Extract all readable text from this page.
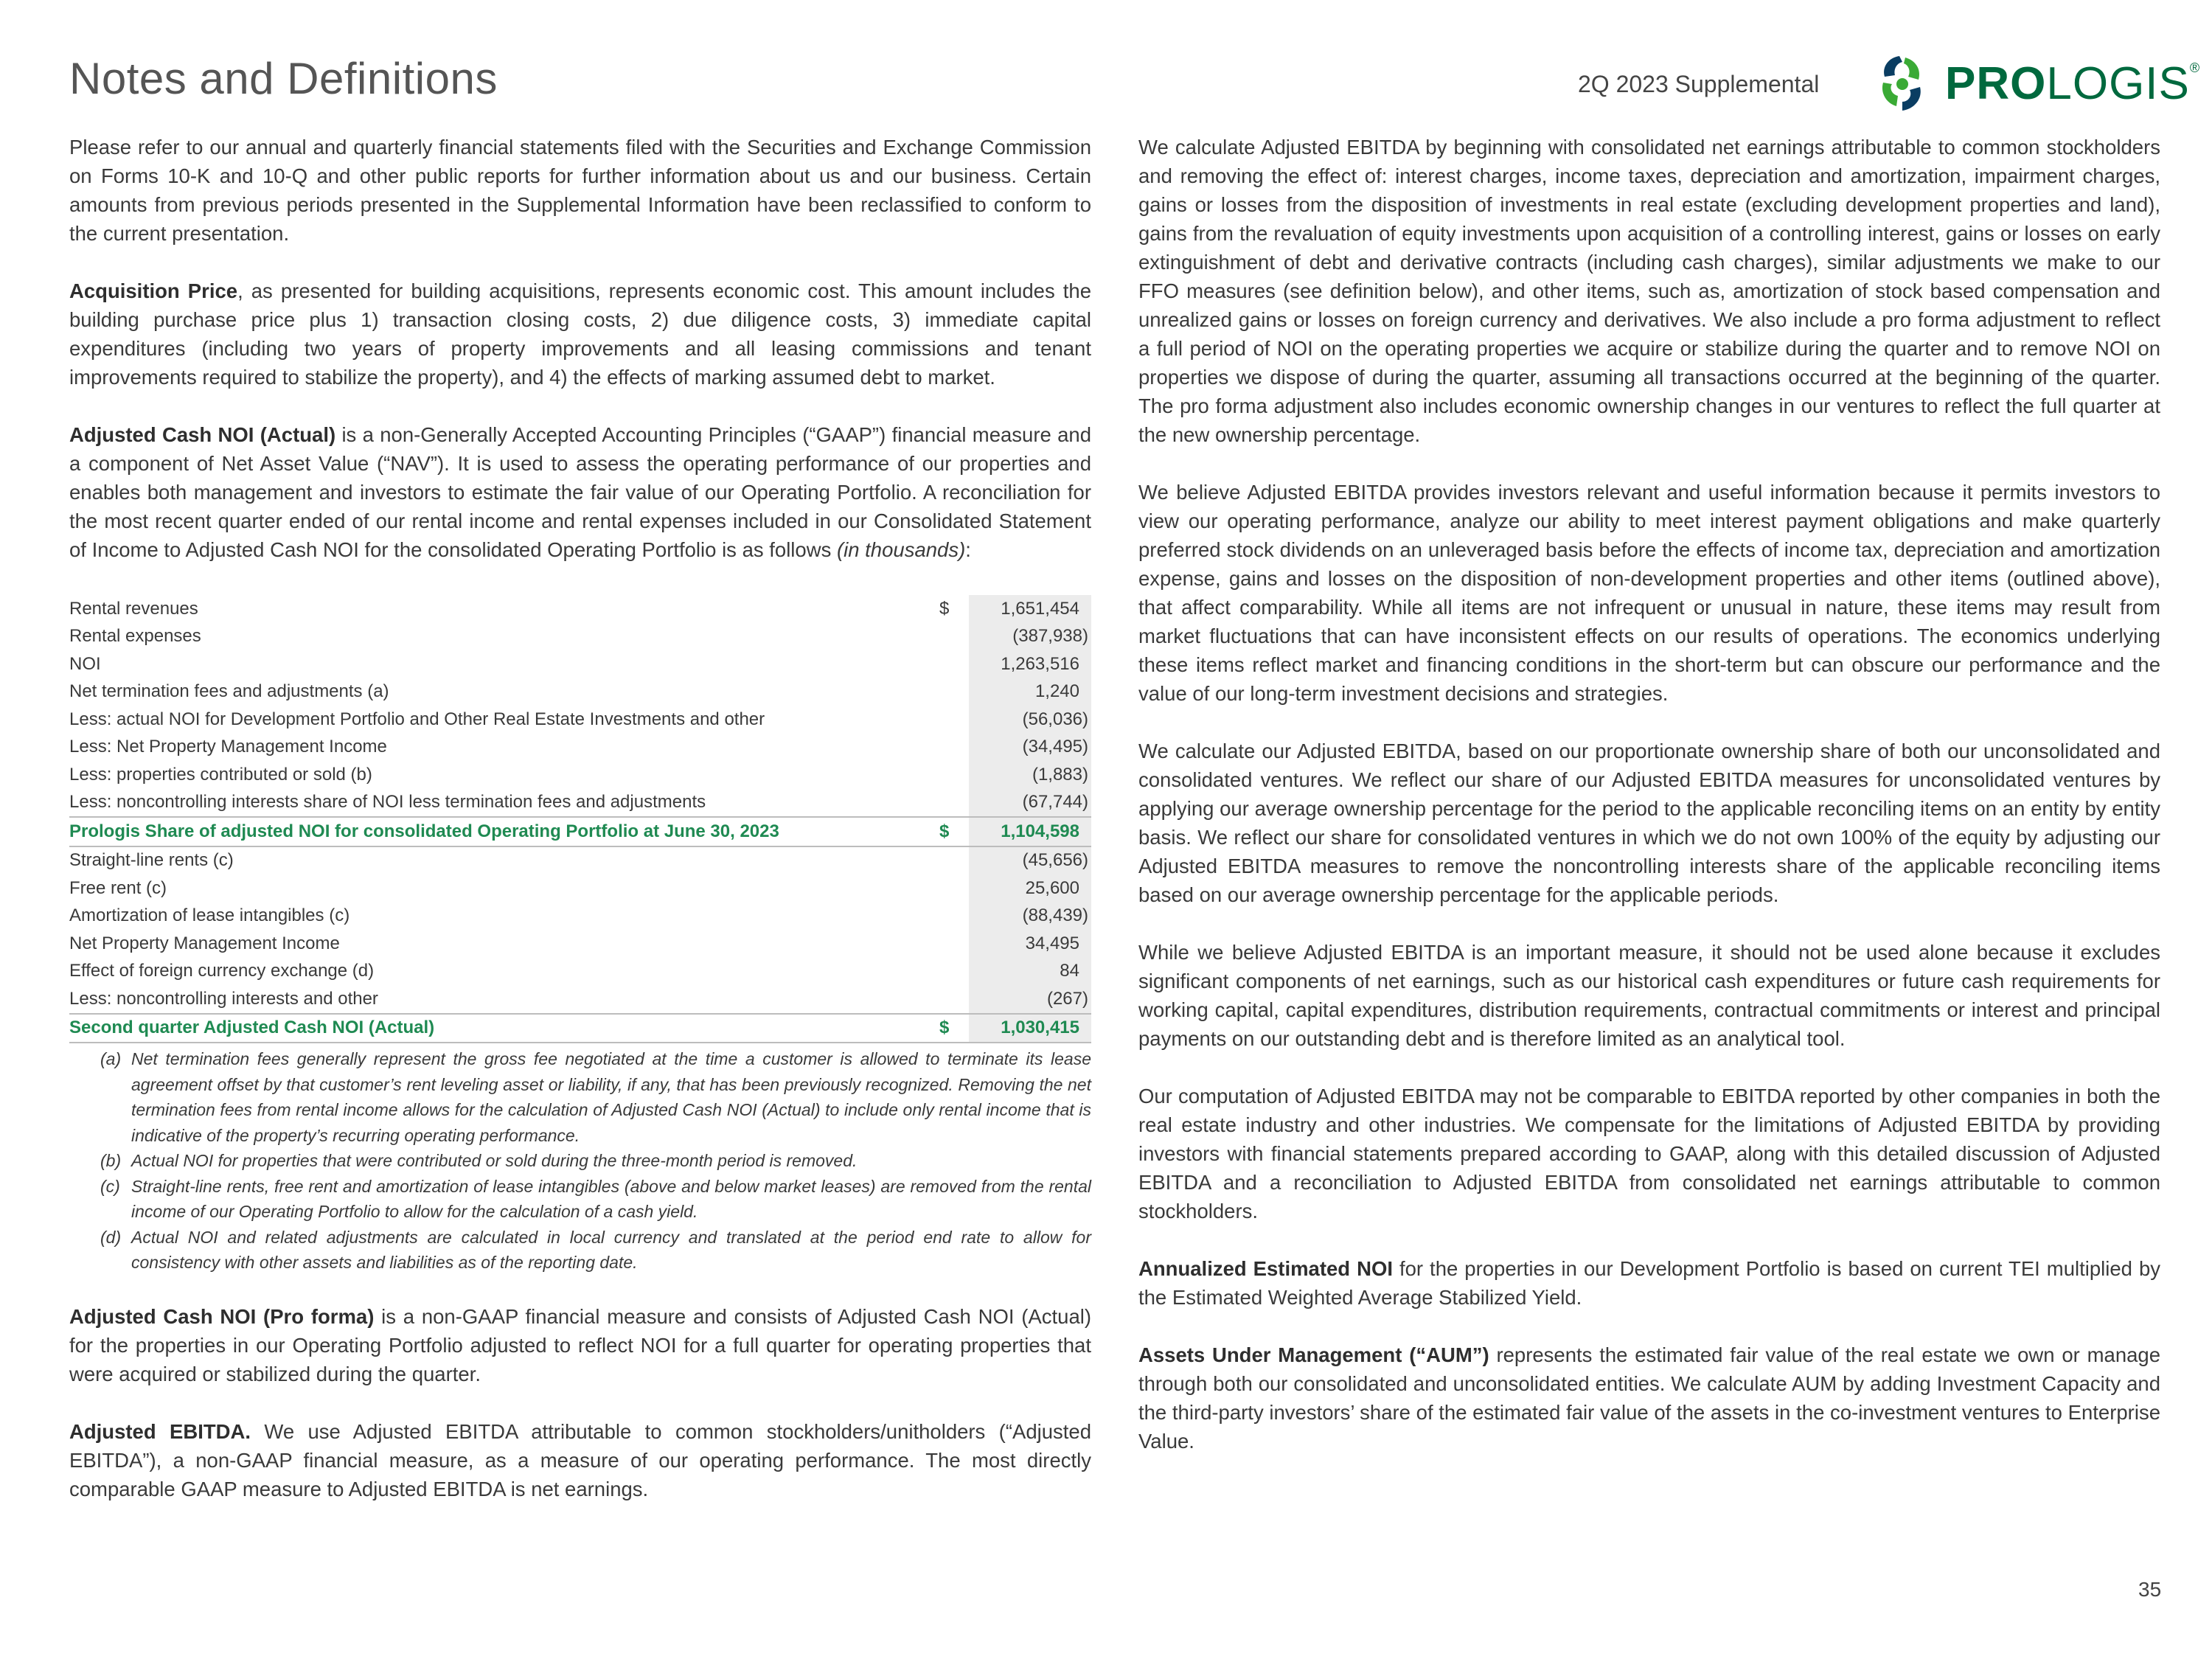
Notes and Definitions	2Q 2023 Supplemental	PROLOGIS®

Please refer to our annual and quarterly financial statements filed with the Securities and Exchange Commission on Forms 10-K and 10-Q and other public reports for further information about us and our business. Certain amounts from previous periods presented in the Supplemental Information have been reclassified to conform to the current presentation.

Acquisition Price, as presented for building acquisitions, represents economic cost. This amount includes the building purchase price plus 1) transaction closing costs, 2) due diligence costs, 3) immediate capital expenditures (including two years of property improvements and all leasing commissions and tenant improvements required to stabilize the property), and 4) the effects of marking assumed debt to market.

Adjusted Cash NOI (Actual) is a non-Generally Accepted Accounting Principles (“GAAP”) financial measure and a component of Net Asset Value (“NAV”). It is used to assess the operating performance of our properties and enables both management and investors to estimate the fair value of our Operating Portfolio. A reconciliation for the most recent quarter ended of our rental income and rental expenses included in our Consolidated Statement of Income to Adjusted Cash NOI for the consolidated Operating Portfolio is as follows (in thousands):

Rental revenues	$	1,651,454
Rental expenses		(387,938)
NOI		1,263,516
Net termination fees and adjustments (a)		1,240
Less: actual NOI for Development Portfolio and Other Real Estate Investments and other		(56,036)
Less: Net Property Management Income		(34,495)
Less: properties contributed or sold (b)		(1,883)
Less: noncontrolling interests share of NOI less termination fees and adjustments		(67,744)
Prologis Share of adjusted NOI for consolidated Operating Portfolio at June 30, 2023	$	1,104,598
Straight-line rents (c)		(45,656)
Free rent (c)		25,600
Amortization of lease intangibles (c)		(88,439)
Net Property Management Income		34,495
Effect of foreign currency exchange (d)		84
Less: noncontrolling interests and other		(267)
Second quarter Adjusted Cash NOI (Actual)	$	1,030,415
(a) Net termination fees generally represent the gross fee negotiated at the time a customer is allowed to terminate its lease agreement offset by that customer’s rent leveling asset or liability, if any, that has been previously recognized. Removing the net termination fees from rental income allows for the calculation of Adjusted Cash NOI (Actual) to include only rental income that is indicative of the property’s recurring operating performance.
(b) Actual NOI for properties that were contributed or sold during the three-month period is removed.
(c) Straight-line rents, free rent and amortization of lease intangibles (above and below market leases) are removed from the rental income of our Operating Portfolio to allow for the calculation of a cash yield.
(d) Actual NOI and related adjustments are calculated in local currency and translated at the period end rate to allow for consistency with other assets and liabilities as of the reporting date.

Adjusted Cash NOI (Pro forma) is a non-GAAP financial measure and consists of Adjusted Cash NOI (Actual) for the properties in our Operating Portfolio adjusted to reflect NOI for a full quarter for operating properties that were acquired or stabilized during the quarter.

Adjusted EBITDA. We use Adjusted EBITDA attributable to common stockholders/unitholders (“Adjusted EBITDA”), a non-GAAP financial measure, as a measure of our operating performance. The most directly comparable GAAP measure to Adjusted EBITDA is net earnings.

We calculate Adjusted EBITDA by beginning with consolidated net earnings attributable to common stockholders and removing the effect of: interest charges, income taxes, depreciation and amortization, impairment charges, gains or losses from the disposition of investments in real estate (excluding development properties and land), gains from the revaluation of equity investments upon acquisition of a controlling interest, gains or losses on early extinguishment of debt and derivative contracts (including cash charges), similar adjustments we make to our FFO measures (see definition below), and other items, such as, amortization of stock based compensation and unrealized gains or losses on foreign currency and derivatives. We also include a pro forma adjustment to reflect a full period of NOI on the operating properties we acquire or stabilize during the quarter and to remove NOI on properties we dispose of during the quarter, assuming all transactions occurred at the beginning of the quarter. The pro forma adjustment also includes economic ownership changes in our ventures to reflect the full quarter at the new ownership percentage.

We believe Adjusted EBITDA provides investors relevant and useful information because it permits investors to view our operating performance, analyze our ability to meet interest payment obligations and make quarterly preferred stock dividends on an unleveraged basis before the effects of income tax, depreciation and amortization expense, gains and losses on the disposition of non-development properties and other items (outlined above), that affect comparability. While all items are not infrequent or unusual in nature, these items may result from market fluctuations that can have inconsistent effects on our results of operations. The economics underlying these items reflect market and financing conditions in the short-term but can obscure our performance and the value of our long-term investment decisions and strategies.

We calculate our Adjusted EBITDA, based on our proportionate ownership share of both our unconsolidated and consolidated ventures. We reflect our share of our Adjusted EBITDA measures for unconsolidated ventures by applying our average ownership percentage for the period to the applicable reconciling items on an entity by entity basis. We reflect our share for consolidated ventures in which we do not own 100% of the equity by adjusting our Adjusted EBITDA measures to remove the noncontrolling interests share of the applicable reconciling items based on our average ownership percentage for the applicable periods.

While we believe Adjusted EBITDA is an important measure, it should not be used alone because it excludes significant components of net earnings, such as our historical cash expenditures or future cash requirements for working capital, capital expenditures, distribution requirements, contractual commitments or interest and principal payments on our outstanding debt and is therefore limited as an analytical tool.

Our computation of Adjusted EBITDA may not be comparable to EBITDA reported by other companies in both the real estate industry and other industries. We compensate for the limitations of Adjusted EBITDA by providing investors with financial statements prepared according to GAAP, along with this detailed discussion of Adjusted EBITDA and a reconciliation to Adjusted EBITDA from consolidated net earnings attributable to common stockholders.

Annualized Estimated NOI for the properties in our Development Portfolio is based on current TEI multiplied by the Estimated Weighted Average Stabilized Yield.

Assets Under Management (“AUM”) represents the estimated fair value of the real estate we own or manage through both our consolidated and unconsolidated entities. We calculate AUM by adding Investment Capacity and the third-party investors’ share of the estimated fair value of the assets in the co-investment ventures to Enterprise Value.

35
